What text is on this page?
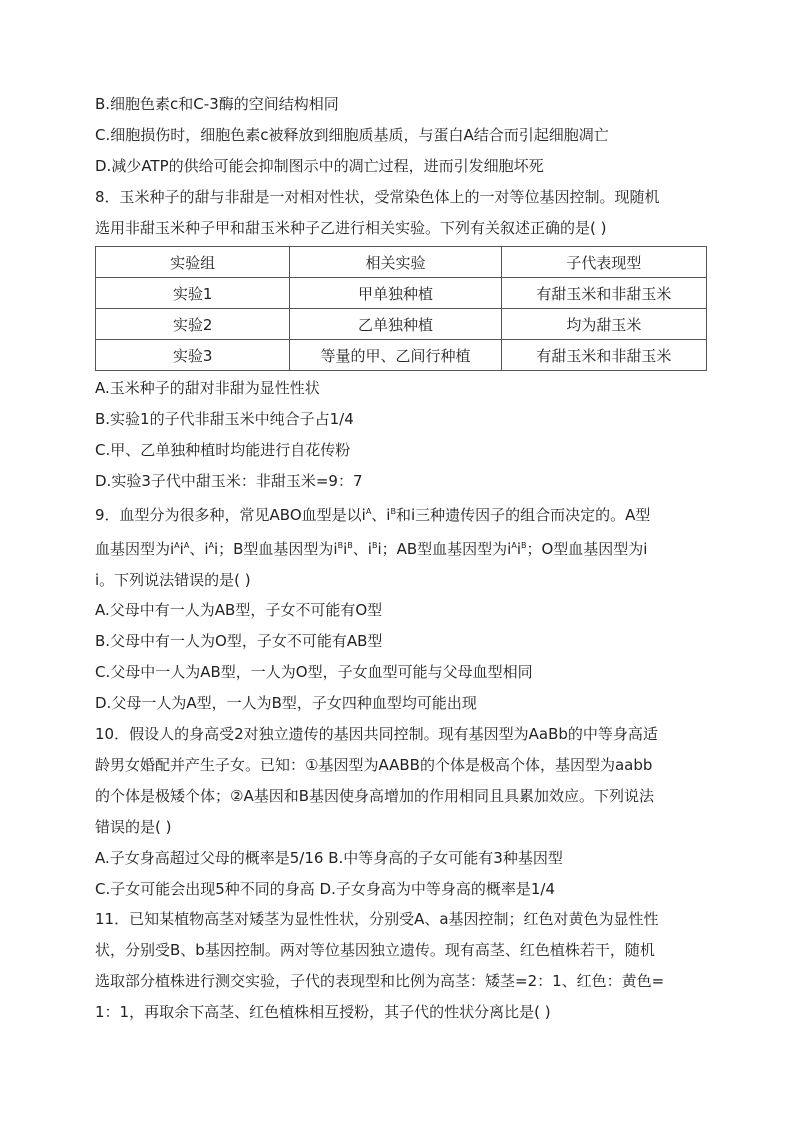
B.细胞色素c和C-3酶的空间结构相同
C.细胞损伤时，细胞色素c被释放到细胞质基质，与蛋白A结合而引起细胞凋亡
D.减少ATP的供给可能会抑制图示中的凋亡过程，进而引发细胞坏死
8．玉米种子的甜与非甜是一对相对性状，受常染色体上的一对等位基因控制。现随机
选用非甜玉米种子甲和甜玉米种子乙进行相关实验。下列有关叙述正确的是( )
实验组	相关实验	子代表现型
实验1	甲单独种植	有甜玉米和非甜玉米
实验2	乙单独种植	均为甜玉米
实验3	等量的甲、乙间行种植	有甜玉米和非甜玉米
A.玉米种子的甜对非甜为显性性状
B.实验1的子代非甜玉米中纯合子占1/4
C.甲、乙单独种植时均能进行自花传粉
D.实验3子代中甜玉米：非甜玉米=9：7
9．血型分为很多种，常见ABO血型是以$i^A$、$i^B$和i三种遗传因子的组合而决定的。A型
血基因型为$i^Ai^A$、$i^Ai$；B型血基因型为$i^Bi^B$、$i^Bi$；AB型血基因型为$i^Ai^B$；O型血基因型为i
i。下列说法错误的是( )
A.父母中有一人为AB型，子女不可能有O型
B.父母中有一人为O型，子女不可能有AB型
C.父母中一人为AB型，一人为O型，子女血型可能与父母血型相同
D.父母一人为A型，一人为B型，子女四种血型均可能出现
10．假设人的身高受2对独立遗传的基因共同控制。现有基因型为AaBb的中等身高适
龄男女婚配并产生子女。已知：①基因型为AABB的个体是极高个体，基因型为aabb
的个体是极矮个体；②A基因和B基因使身高增加的作用相同且具累加效应。下列说法
错误的是( )
A.子女身高超过父母的概率是5/16 B.中等身高的子女可能有3种基因型
C.子女可能会出现5种不同的身高 D.子女身高为中等身高的概率是1/4
11．已知某植物高茎对矮茎为显性性状，分别受A、a基因控制；红色对黄色为显性性
状，分别受B、b基因控制。两对等位基因独立遗传。现有高茎、红色植株若干，随机
选取部分植株进行测交实验，子代的表现型和比例为高茎：矮茎=2：1、红色：黄色=
1：1，再取余下高茎、红色植株相互授粉，其子代的性状分离比是( )
